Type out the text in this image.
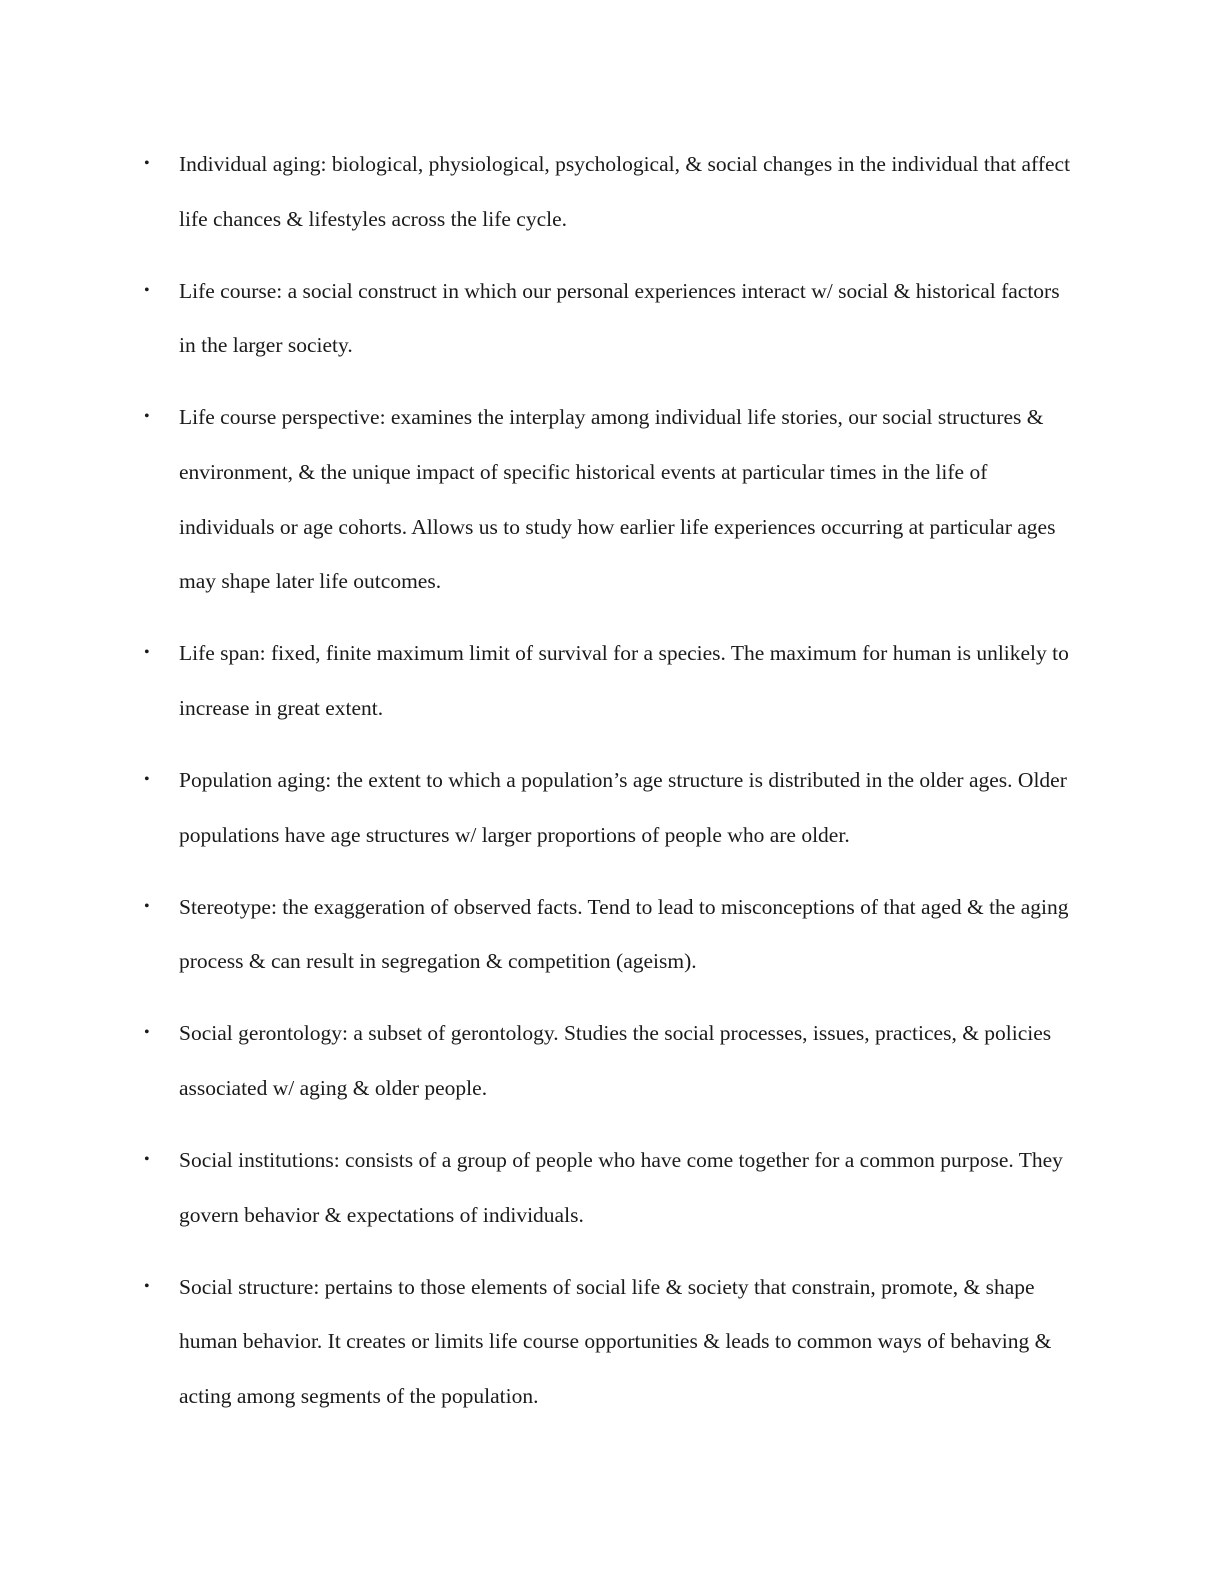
•	Individual aging: biological, physiological, psychological, & social changes in the individual that affect life chances & lifestyles across the life cycle.
•	Life course: a social construct in which our personal experiences interact w/ social & historical factors in the larger society.
•	Life course perspective: examines the interplay among individual life stories, our social structures & environment, & the unique impact of specific historical events at particular times in the life of individuals or age cohorts. Allows us to study how earlier life experiences occurring at particular ages may shape later life outcomes.
•	Life span: fixed, finite maximum limit of survival for a species. The maximum for human is unlikely to increase in great extent.
•	Population aging: the extent to which a population’s age structure is distributed in the older ages. Older populations have age structures w/ larger proportions of people who are older.
•	Stereotype: the exaggeration of observed facts. Tend to lead to misconceptions of that aged & the aging process & can result in segregation & competition (ageism).
•	Social gerontology: a subset of gerontology. Studies the social processes, issues, practices, & policies associated w/ aging & older people.
•	Social institutions: consists of a group of people who have come together for a common purpose. They govern behavior & expectations of individuals.
•	Social structure: pertains to those elements of social life & society that constrain, promote, & shape human behavior. It creates or limits life course opportunities & leads to common ways of behaving & acting among segments of the population.
